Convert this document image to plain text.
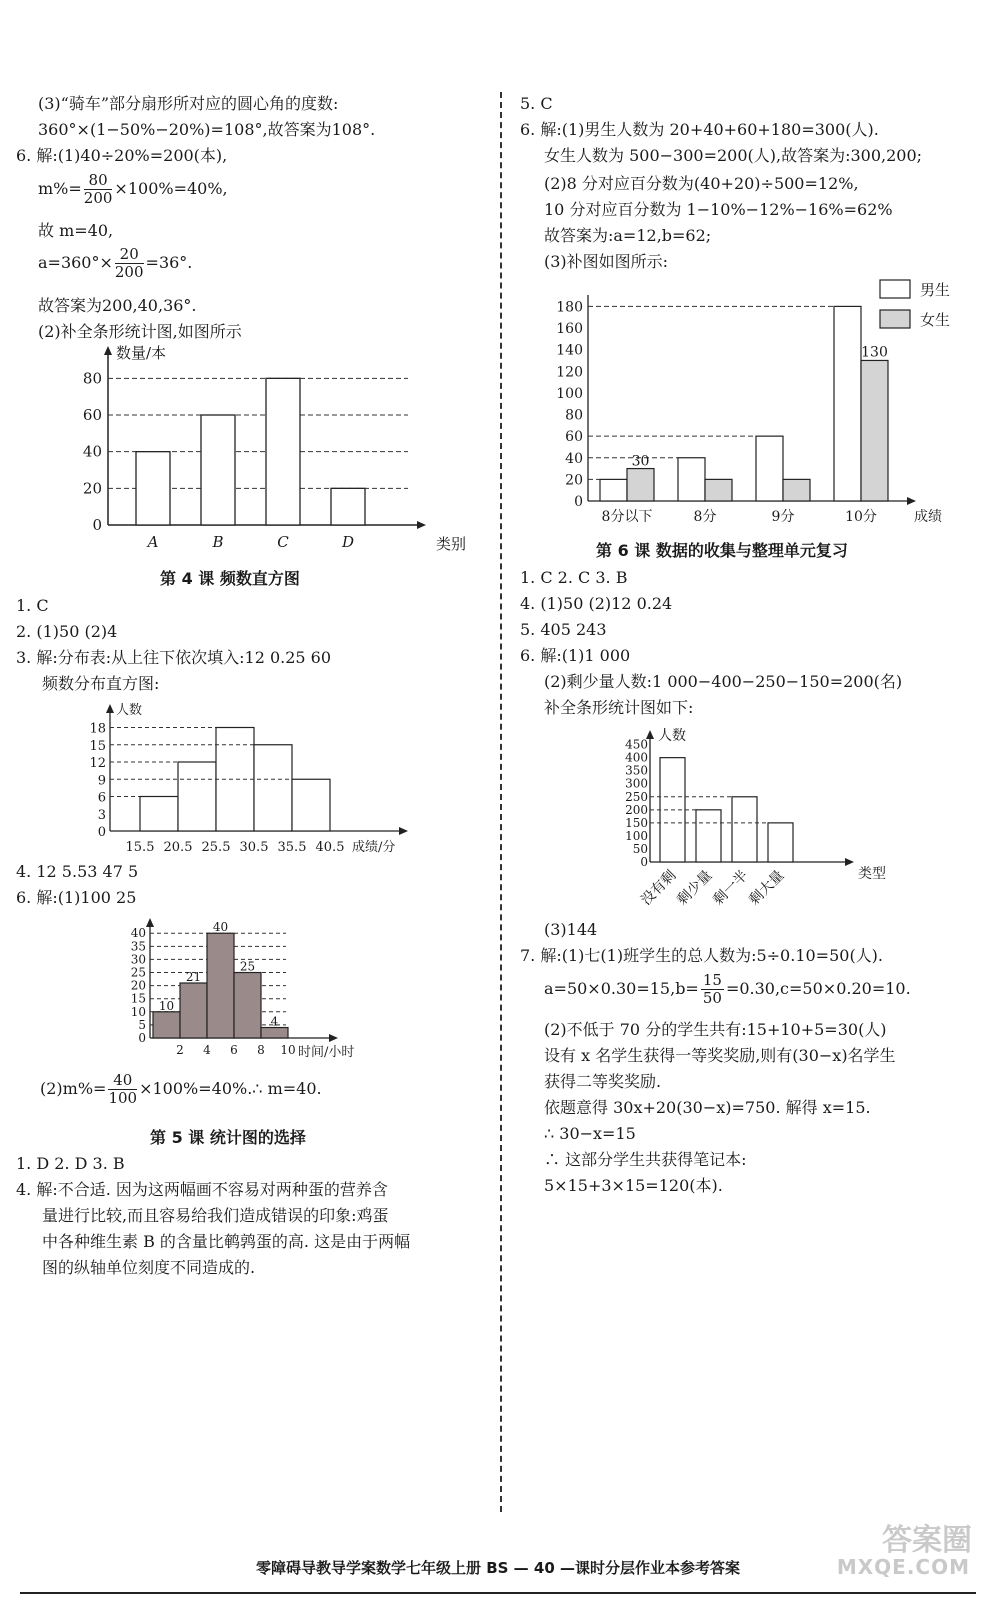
(3)“骑车”部分扇形所对应的圆心角的度数:
360°×(1−50%−20%)=108°,故答案为108°.
6. 解:(1)40÷20%=200(本),
$m\%= \frac{80}{200} \times 100\%=40\%$,
故 m=40,
$a=360^\circ\times \frac{20}{200} =36^\circ$.
故答案为200,40,36°.
(2)补全条形统计图,如图所示
第 4 课 频数直方图
1. C
2. (1)50 (2)4
3. 解:分布表:从上往下依次填入:12 0.25 60
频数分布直方图:
4. 12 5.53 47 5
6. 解:(1)100 25
$(2)m\%= \frac{40}{100}$ ×100%=40%.∴ m=40.
第 5 课 统计图的选择
1. D 2. D 3. B
4. 解:不合适. 因为这两幅画不容易对两种蛋的营养含
量进行比较,而且容易给我们造成错误的印象:鸡蛋
中各种维生素 B 的含量比鹌鹑蛋的高. 这是由于两幅
图的纵轴单位刻度不同造成的.
5. C
6. 解:(1)男生人数为 20+40+60+180=300(人).
女生人数为 500−300=200(人),故答案为:300,200;
(2)8 分对应百分数为(40+20)÷500=12%,
10 分对应百分数为 1−10%−12%−16%=62%
故答案为:a=12,b=62;
(3)补图如图所示:
第 6 课 数据的收集与整理单元复习
1. C 2. C 3. B
4. (1)50 (2)12 0.24
5. 405 243
6. 解:(1)1 000
(2)剩少量人数:1 000−400−250−150=200(名)
补全条形统计图如下:
(3)144
7. 解:(1)七(1)班学生的总人数为:5÷0.10=50(人).
$a=50\times 0.30=15,b= \frac{15}{50} =0.30,c=50\times 0.20=10$.
(2)不低于 70 分的学生共有:15+10+5=30(人)
设有 x 名学生获得一等奖奖励,则有(30−x)名学生
获得二等奖奖励.
依题意得 30x+20(30−x)=750. 解得 x=15.
∴ 30−x=15
∴ 这部分学生共获得笔记本:
5×15+3×15=120(本).
0
20
40
60
80
A	B	C	D
数量/本
类别
0
3
6
9
12
15
18
15.5 20.5 25.5 30.5 35.5 40.5
人数
成绩/分
0
5
10
15
20
25
30
35
40
10
21
40
25
4
2 4 6 8 10 时间/小时
0
20
40
60
80
100
120
140
160
180
8分以下	8分	9分	10分
30
130
成绩
男生
女生
0
50
100
150
200
250
300
350
400
450
没有剩
剩少量
剩一半
剩大量
人数
类型
零障碍导教导学案数学七年级上册 BS — 40 —课时分层作业本参考答案
答案圈
MXQE.COM
